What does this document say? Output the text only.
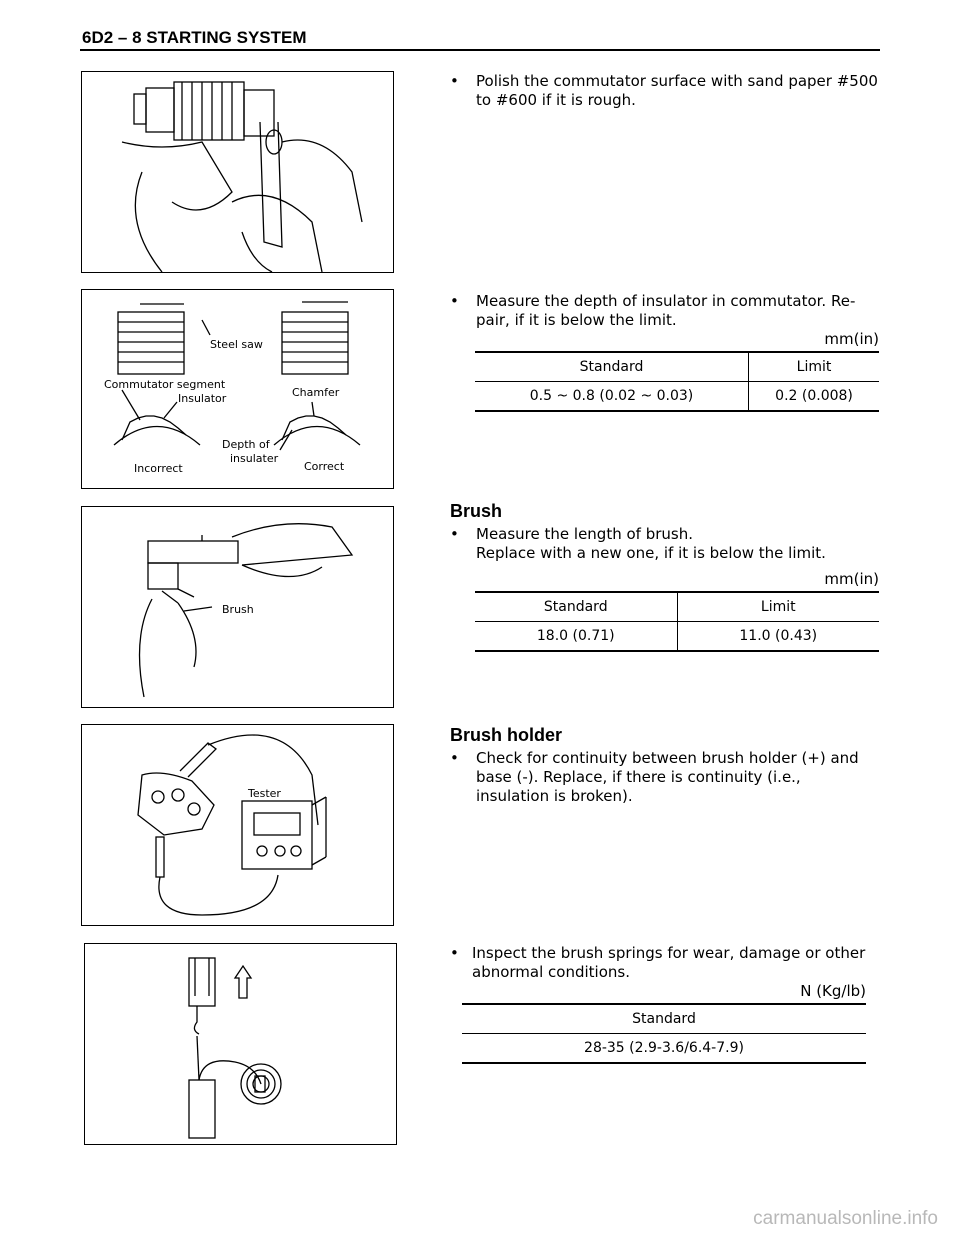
6D2 – 8 STARTING SYSTEM
• Polish the commutator surface with sand paper #500 to #600 if it is rough.
Steel saw
Commutator segment
Insulator	Chamfer
Depth of
insulater
Incorrect	Correct
• Measure the depth of insulator in commutator. Re-pair, if it is below the limit.
mm(in)
Standard	Limit
0.5 ~ 0.8 (0.02 ~ 0.03)	0.2 (0.008)
Brush
Brush
• Measure the length of brush.
Replace with a new one, if it is below the limit.
mm(in)
Standard	Limit
18.0 (0.71)	11.0 (0.43)
Tester
Brush holder
• Check for continuity between brush holder (+) and base (-). Replace, if there is continuity (i.e., insulation is broken).
• Inspect the brush springs for wear, damage or other abnormal conditions.
N (Kg/lb)
Standard
28-35 (2.9-3.6/6.4-7.9)
carmanualsonline.info
